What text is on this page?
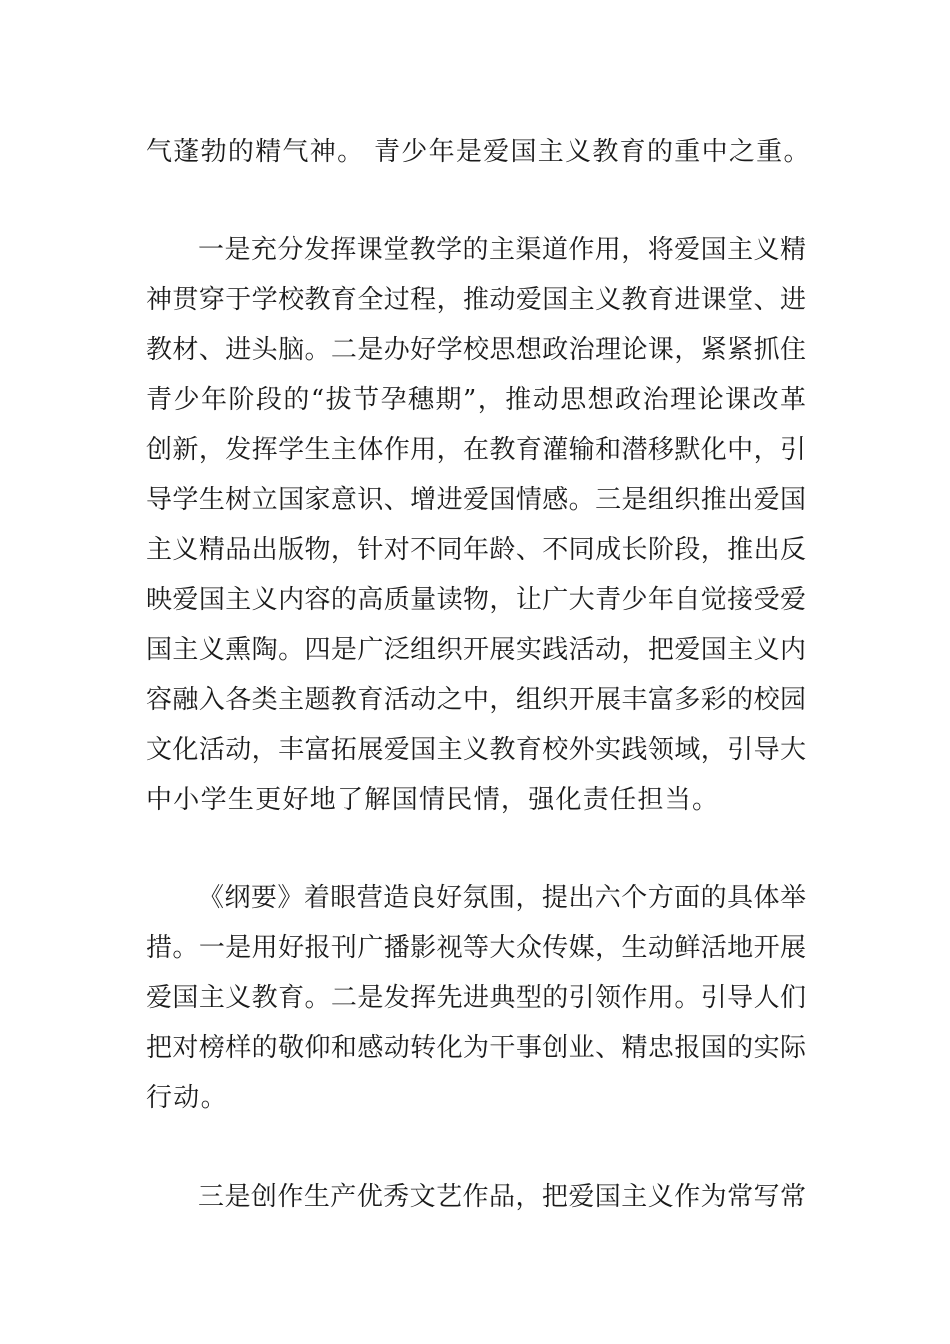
气蓬勃的精气神。 青少年是爱国主义教育的重中之重。
一是充分发挥课堂教学的主渠道作用，将爱国主义精
神贯穿于学校教育全过程，推动爱国主义教育进课堂、进
教材、进头脑。二是办好学校思想政治理论课，紧紧抓住
青少年阶段的“拔节孕穗期”，推动思想政治理论课改革
创新，发挥学生主体作用，在教育灌输和潜移默化中，引
导学生树立国家意识、增进爱国情感。三是组织推出爱国
主义精品出版物，针对不同年龄、不同成长阶段，推出反
映爱国主义内容的高质量读物，让广大青少年自觉接受爱
国主义熏陶。四是广泛组织开展实践活动，把爱国主义内
容融入各类主题教育活动之中，组织开展丰富多彩的校园
文化活动，丰富拓展爱国主义教育校外实践领域，引导大
中小学生更好地了解国情民情，强化责任担当。
《纲要》着眼营造良好氛围，提出六个方面的具体举
措。一是用好报刊广播影视等大众传媒，生动鲜活地开展
爱国主义教育。二是发挥先进典型的引领作用。引导人们
把对榜样的敬仰和感动转化为干事创业、精忠报国的实际
行动。
三是创作生产优秀文艺作品，把爱国主义作为常写常
